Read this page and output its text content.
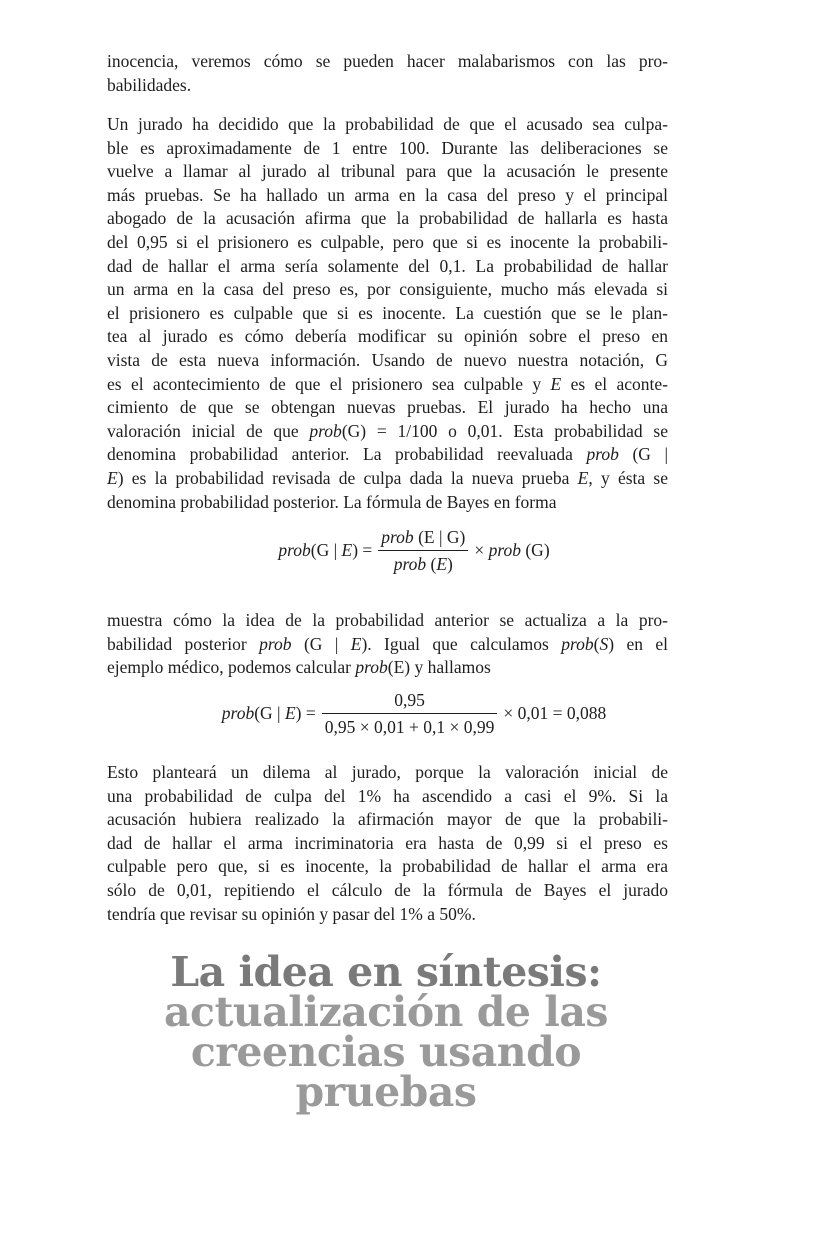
inocencia, veremos cómo se pueden hacer malabarismos con las pro-
babilidades.
Un jurado ha decidido que la probabilidad de que el acusado sea culpa-
ble es aproximadamente de 1 entre 100. Durante las deliberaciones se
vuelve a llamar al jurado al tribunal para que la acusación le presente
más pruebas. Se ha hallado un arma en la casa del preso y el principal
abogado de la acusación afirma que la probabilidad de hallarla es hasta
del 0,95 si el prisionero es culpable, pero que si es inocente la probabili-
dad de hallar el arma sería solamente del 0,1. La probabilidad de hallar
un arma en la casa del preso es, por consiguiente, mucho más elevada si
el prisionero es culpable que si es inocente. La cuestión que se le plan-
tea al jurado es cómo debería modificar su opinión sobre el preso en
vista de esta nueva información. Usando de nuevo nuestra notación, G
es el acontecimiento de que el prisionero sea culpable y E es el aconte-
cimiento de que se obtengan nuevas pruebas. El jurado ha hecho una
valoración inicial de que prob(G) = 1/100 o 0,01. Esta probabilidad se
denomina probabilidad anterior. La probabilidad reevaluada prob (G |
E) es la probabilidad revisada de culpa dada la nueva prueba E, y ésta se
denomina probabilidad posterior. La fórmula de Bayes en forma
prob(G | $E) = \frac{\text{prob (E | G)}}{\text{prob (E)}}$ × prob (G)
muestra cómo la idea de la probabilidad anterior se actualiza a la pro-
babilidad posterior prob (G | E). Igual que calculamos prob(S) en el
ejemplo médico, podemos calcular prob(E) y hallamos
prob(G | $E) = \frac{0,95}{0,95 \times 0,01 + 0,1 \times 0,99} \times 0,01 = 0,088$
Esto planteará un dilema al jurado, porque la valoración inicial de
una probabilidad de culpa del 1% ha ascendido a casi el 9%. Si la
acusación hubiera realizado la afirmación mayor de que la probabili-
dad de hallar el arma incriminatoria era hasta de 0,99 si el preso es
culpable pero que, si es inocente, la probabilidad de hallar el arma era
sólo de 0,01, repitiendo el cálculo de la fórmula de Bayes el jurado
tendría que revisar su opinión y pasar del 1% a 50%.
La idea en síntesis:
actualización de las
creencias usando
pruebas
